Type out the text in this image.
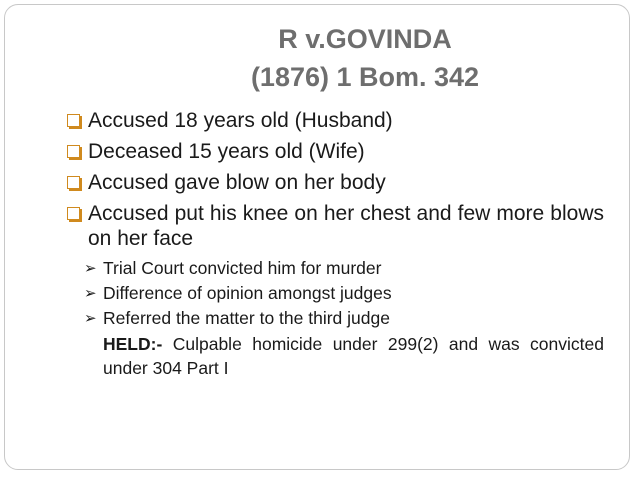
R v.GOVINDA
(1876) 1 Bom. 342
Accused 18 years old (Husband)
Deceased 15 years old (Wife)
Accused gave blow on her body
Accused put his knee on her chest and few more blows on her face
➢ Trial Court convicted him for murder
➢ Difference of opinion amongst judges
➢ Referred the matter to the third judge
HELD:- Culpable homicide under 299(2) and was convicted under 304 Part I
